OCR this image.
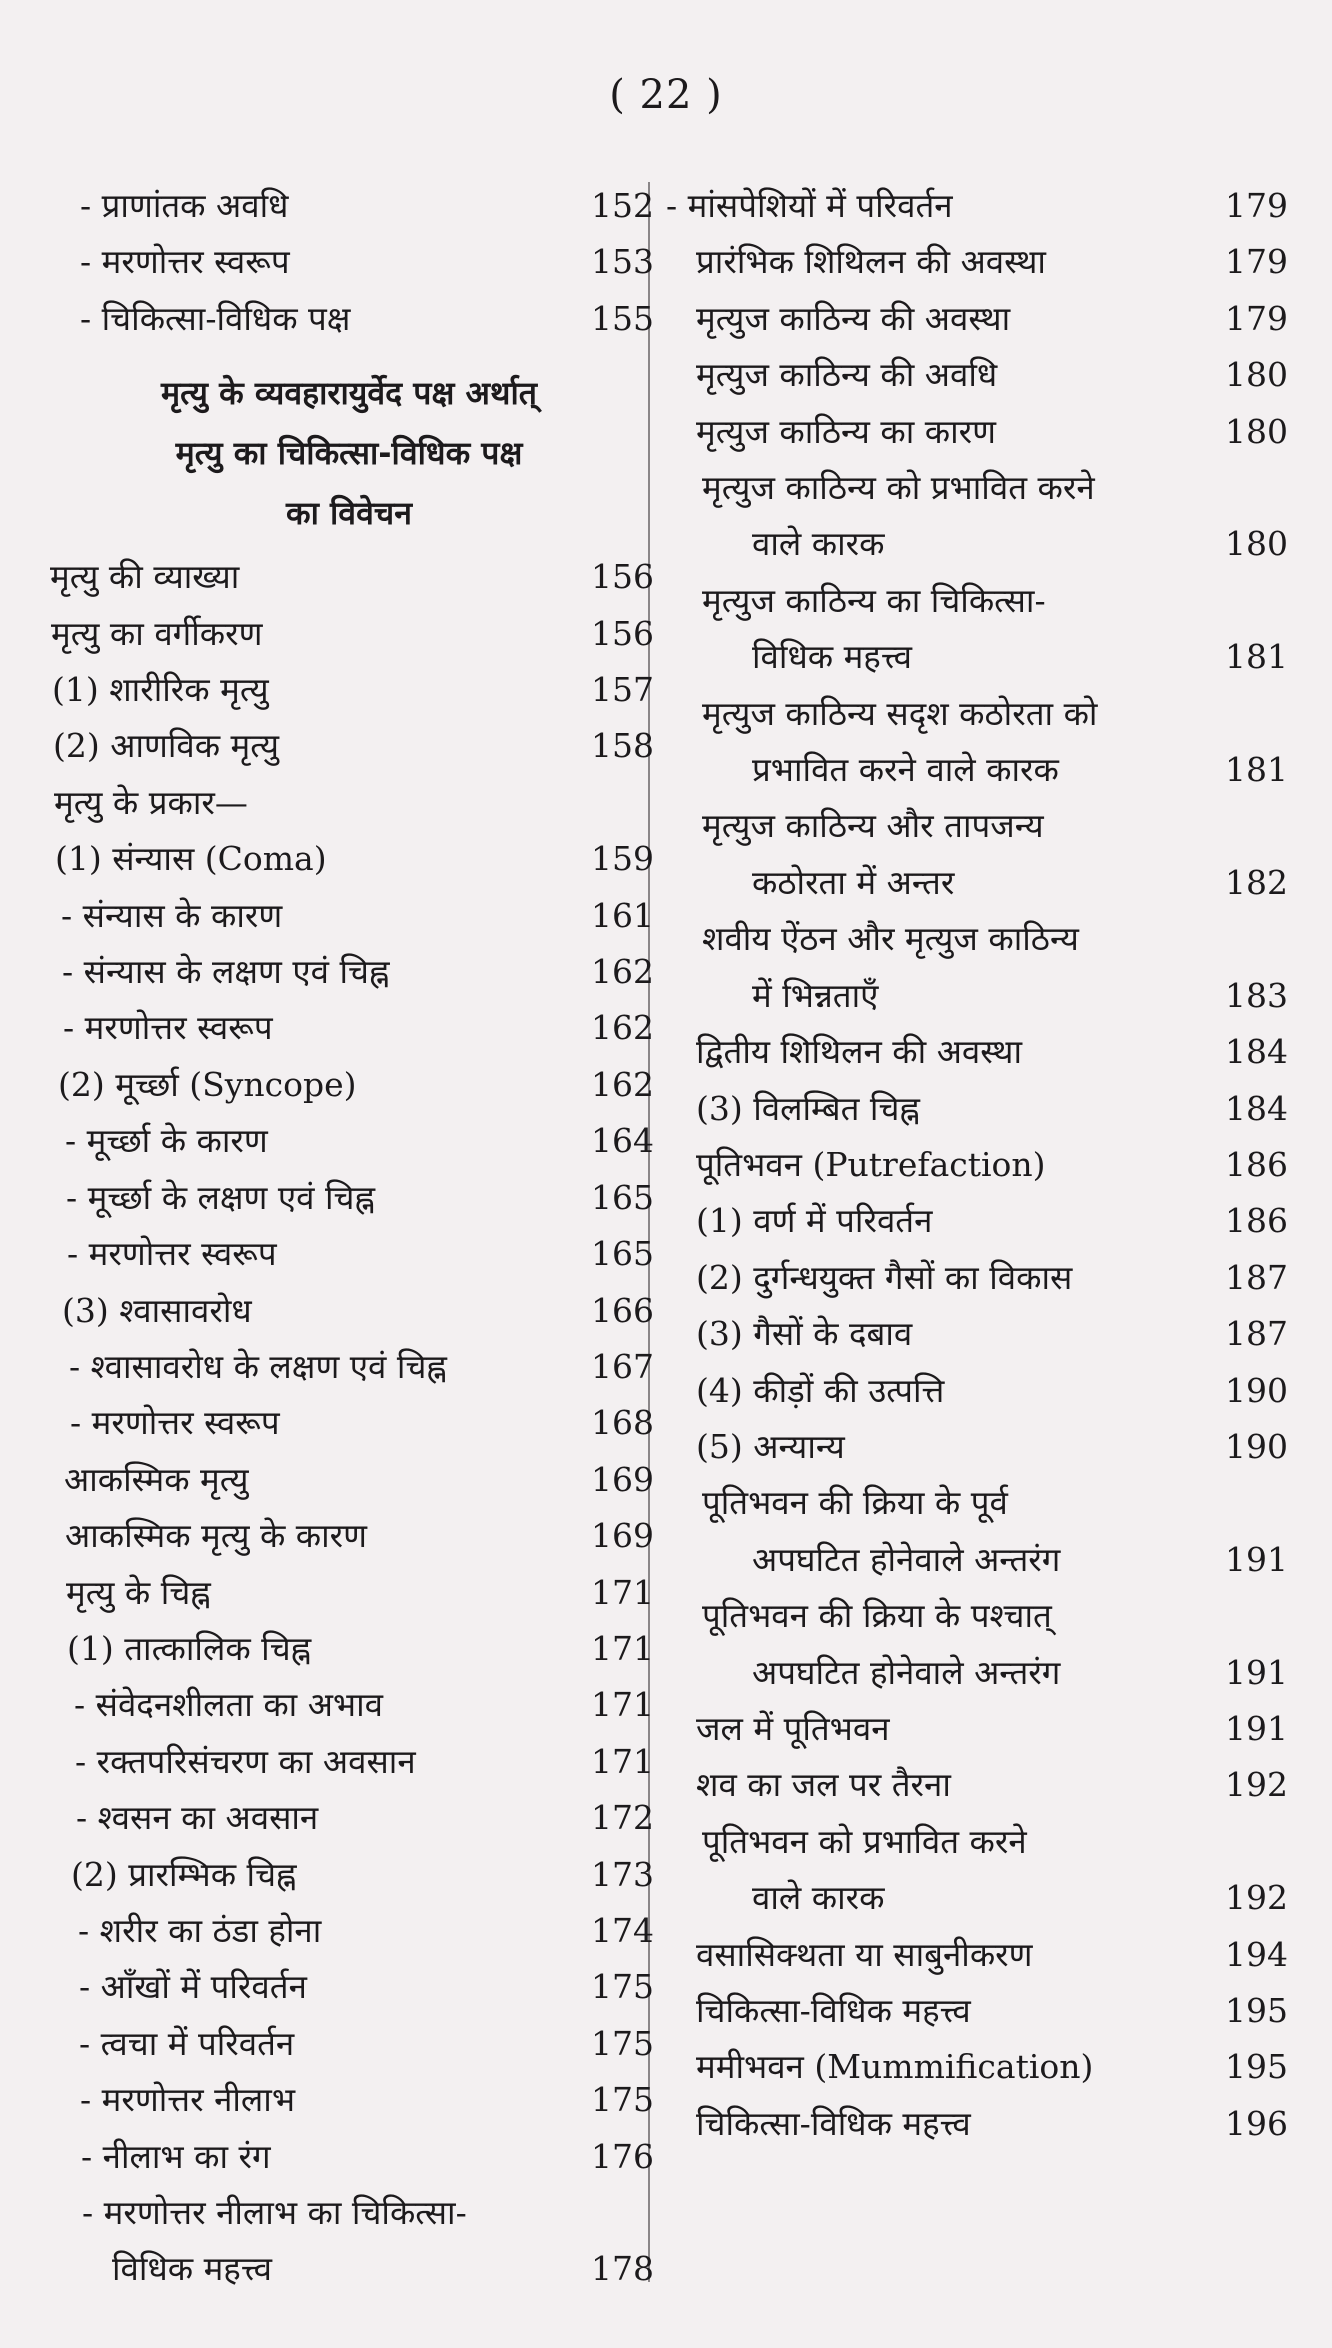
( 22 )
- प्राणांतक अवधि	152
- मरणोत्तर स्वरूप	153
- चिकित्सा-विधिक पक्ष	155
मृत्यु के व्यवहारायुर्वेद पक्ष अर्थात्
मृत्यु का चिकित्सा-विधिक पक्ष
का विवेचन
मृत्यु की व्याख्या	156
मृत्यु का वर्गीकरण	156
(1) शारीरिक मृत्यु	157
(2) आणविक मृत्यु	158
मृत्यु के प्रकार—
(1) संन्यास (Coma)	159
- संन्यास के कारण	161
- संन्यास के लक्षण एवं चिह्न	162
- मरणोत्तर स्वरूप	162
(2) मूर्च्छा (Syncope)	162
- मूर्च्छा के कारण	164
- मूर्च्छा के लक्षण एवं चिह्न	165
- मरणोत्तर स्वरूप	165
(3) श्वासावरोध	166
- श्वासावरोध के लक्षण एवं चिह्न	167
- मरणोत्तर स्वरूप	168
आकस्मिक मृत्यु	169
आकस्मिक मृत्यु के कारण	169
मृत्यु के चिह्न	171
(1) तात्कालिक चिह्न	171
- संवेदनशीलता का अभाव	171
- रक्तपरिसंचरण का अवसान	171
- श्वसन का अवसान	172
(2) प्रारम्भिक चिह्न	173
- शरीर का ठंडा होना	174
- आँखों में परिवर्तन	175
- त्वचा में परिवर्तन	175
- मरणोत्तर नीलाभ	175
- नीलाभ का रंग	176
- मरणोत्तर नीलाभ का चिकित्सा-
विधिक महत्त्व	178
- मांसपेशियों में परिवर्तन	179
प्रारंभिक शिथिलन की अवस्था	179
मृत्युज काठिन्य की अवस्था	179
मृत्युज काठिन्य की अवधि	180
मृत्युज काठिन्य का कारण	180
मृत्युज काठिन्य को प्रभावित करने
वाले कारक	180
मृत्युज काठिन्य का चिकित्सा-
विधिक महत्त्व	181
मृत्युज काठिन्य सदृश कठोरता को
प्रभावित करने वाले कारक	181
मृत्युज काठिन्य और तापजन्य
कठोरता में अन्तर	182
शवीय ऐंठन और मृत्युज काठिन्य
में भिन्नताएँ	183
द्वितीय शिथिलन की अवस्था	184
(3) विलम्बित चिह्न	184
पूतिभवन (Putrefaction)	186
(1) वर्ण में परिवर्तन	186
(2) दुर्गन्धयुक्त गैसों का विकास	187
(3) गैसों के दबाव	187
(4) कीड़ों की उत्पत्ति	190
(5) अन्यान्य	190
पूतिभवन की क्रिया के पूर्व
अपघटित होनेवाले अन्तरंग	191
पूतिभवन की क्रिया के पश्चात्
अपघटित होनेवाले अन्तरंग	191
जल में पूतिभवन	191
शव का जल पर तैरना	192
पूतिभवन को प्रभावित करने
वाले कारक	192
वसासिक्थता या साबुनीकरण	194
चिकित्सा-विधिक महत्त्व	195
ममीभवन (Mummification)	195
चिकित्सा-विधिक महत्त्व	196
